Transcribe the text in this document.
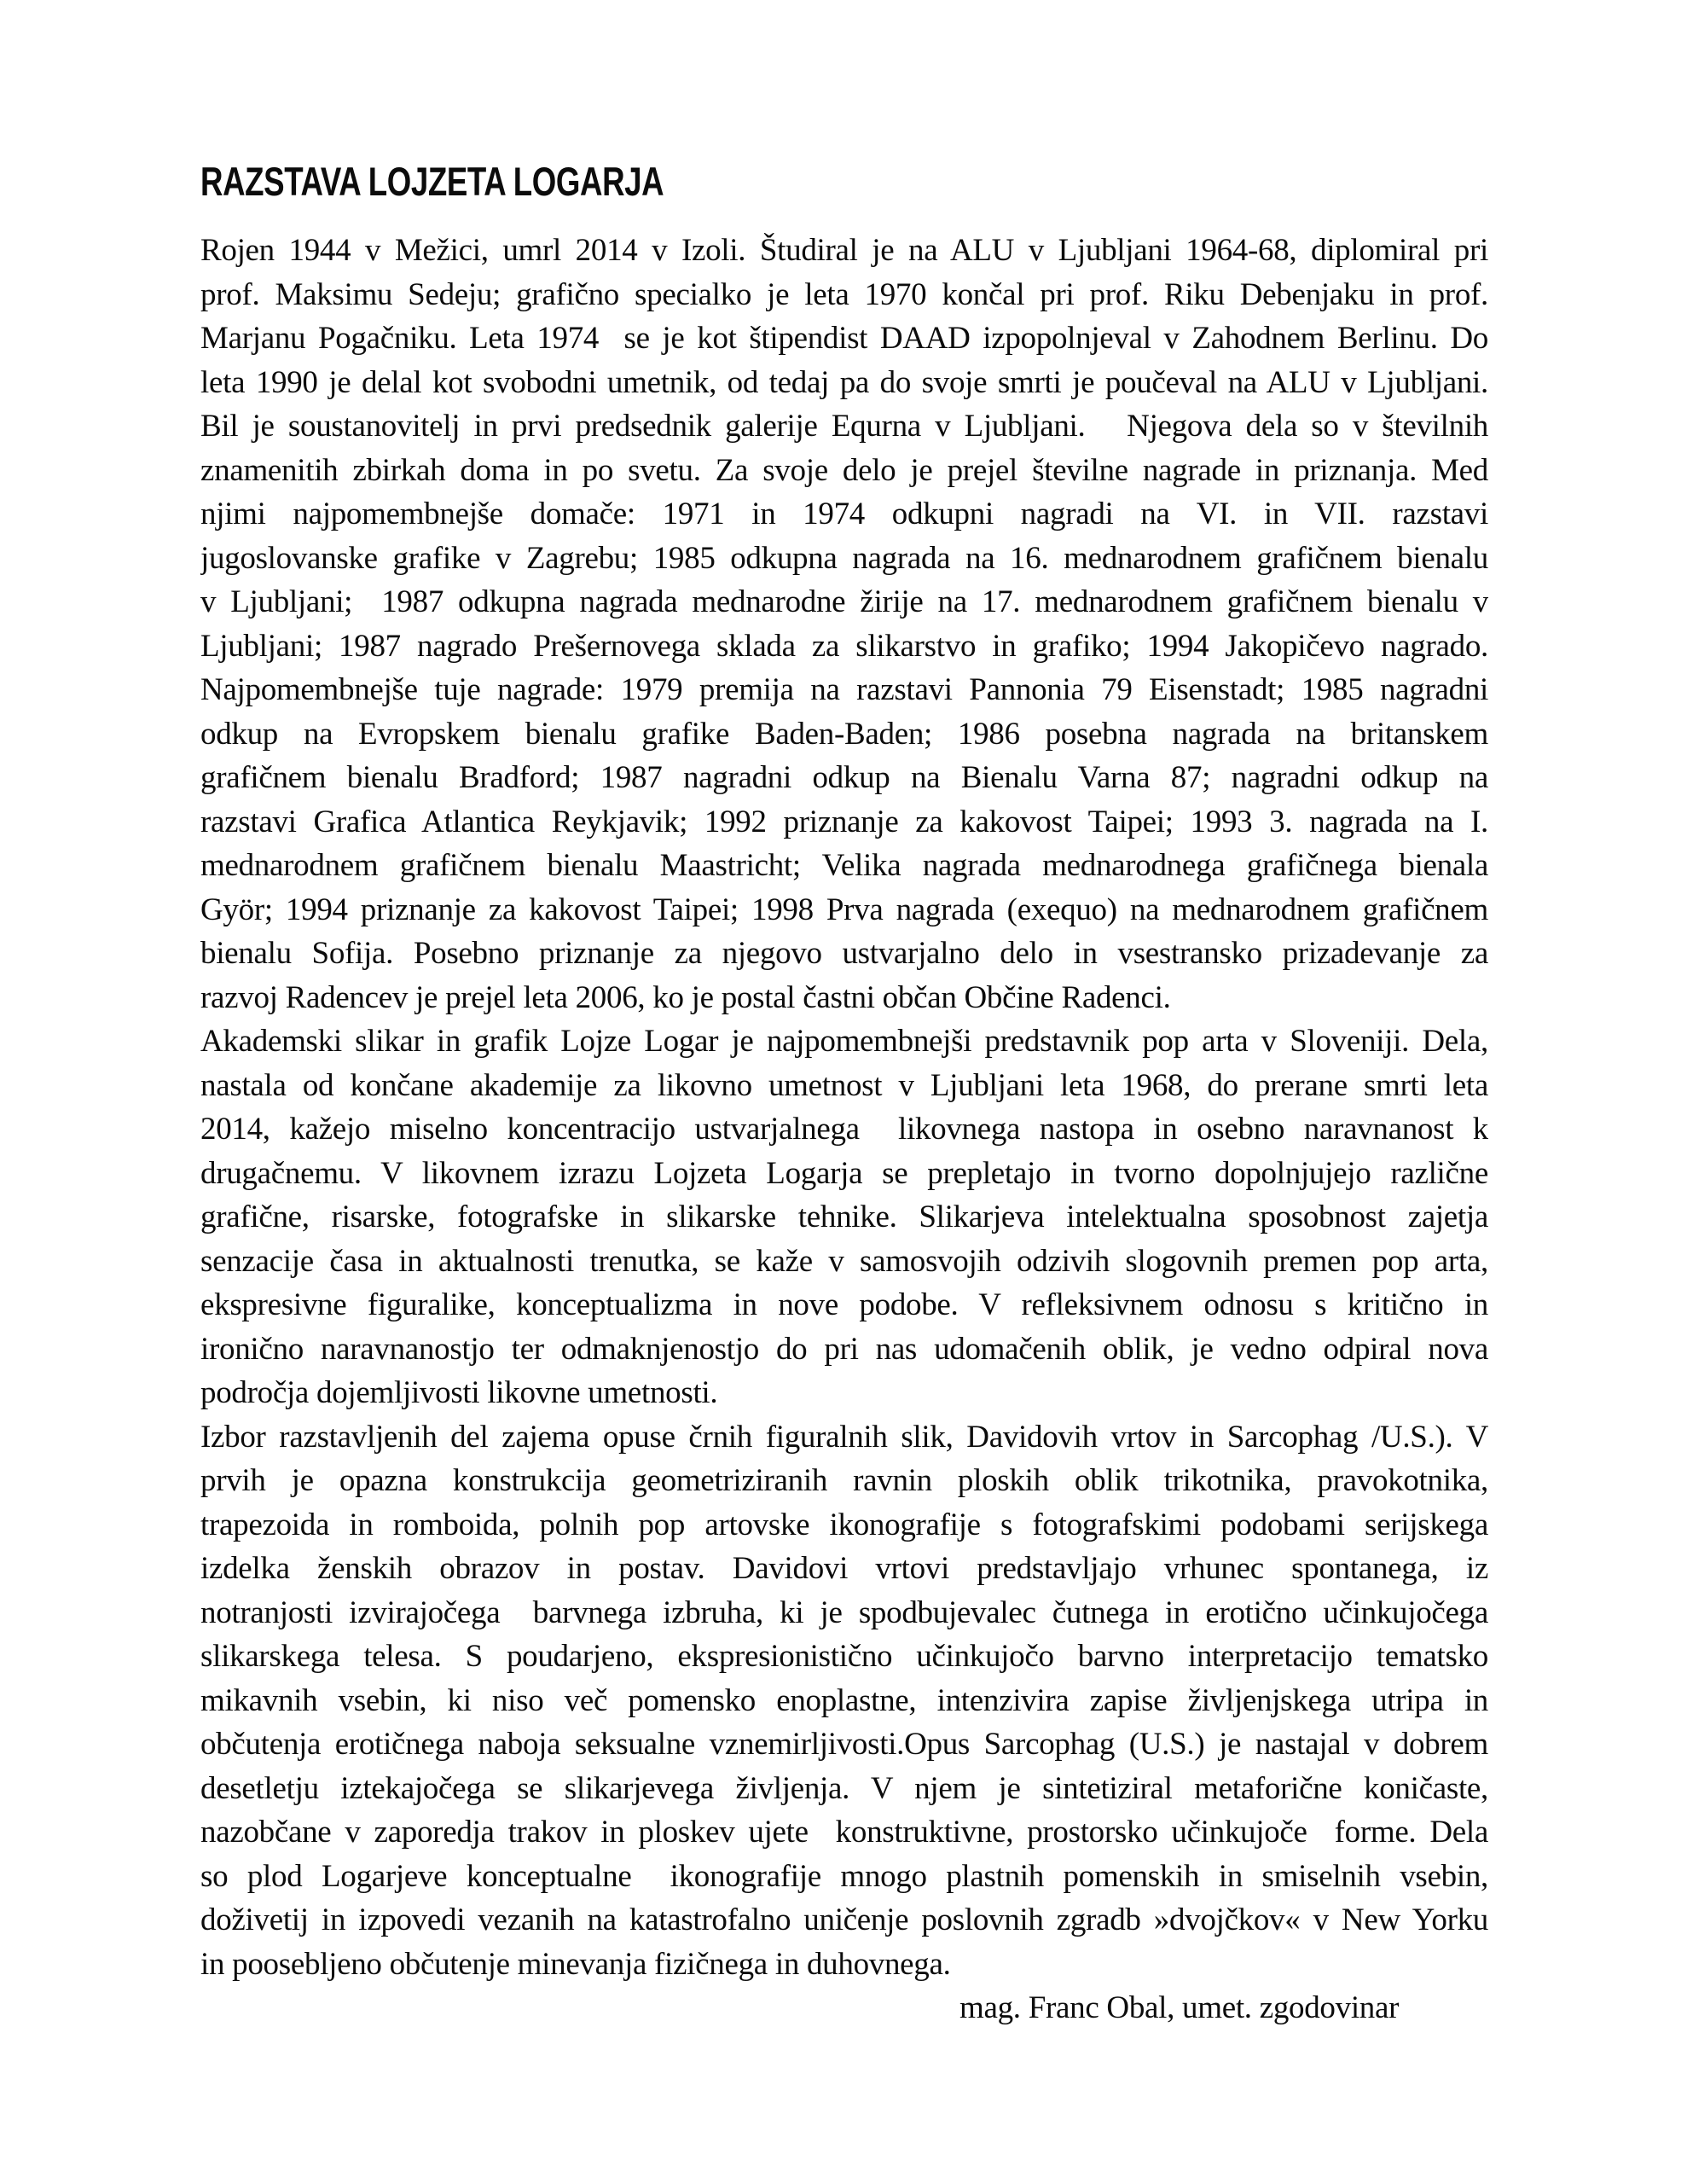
RAZSTAVA LOJZETA LOGARJA
Rojen 1944 v Mežici, umrl 2014 v Izoli. Študiral je na ALU v Ljubljani 1964-68, diplomiral pri
prof. Maksimu Sedeju; grafično specialko je leta 1970 končal pri prof. Riku Debenjaku in prof.
Marjanu Pogačniku. Leta 1974  se je kot štipendist DAAD izpopolnjeval v Zahodnem Berlinu. Do
leta 1990 je delal kot svobodni umetnik, od tedaj pa do svoje smrti je poučeval na ALU v Ljubljani.
Bil je soustanovitelj in prvi predsednik galerije Equrna v Ljubljani.   Njegova dela so v številnih
znamenitih zbirkah doma in po svetu. Za svoje delo je prejel številne nagrade in priznanja. Med
njimi najpomembnejše domače: 1971 in 1974 odkupni nagradi na VI. in VII. razstavi
jugoslovanske grafike v Zagrebu; 1985 odkupna nagrada na 16. mednarodnem grafičnem bienalu
v Ljubljani;  1987 odkupna nagrada mednarodne žirije na 17. mednarodnem grafičnem bienalu v
Ljubljani; 1987 nagrado Prešernovega sklada za slikarstvo in grafiko; 1994 Jakopičevo nagrado.
Najpomembnejše tuje nagrade: 1979 premija na razstavi Pannonia 79 Eisenstadt; 1985 nagradni
odkup na Evropskem bienalu grafike Baden-Baden; 1986 posebna nagrada na britanskem
grafičnem bienalu Bradford; 1987 nagradni odkup na Bienalu Varna 87; nagradni odkup na
razstavi Grafica Atlantica Reykjavik; 1992 priznanje za kakovost Taipei; 1993 3. nagrada na I.
mednarodnem grafičnem bienalu Maastricht; Velika nagrada mednarodnega grafičnega bienala
Györ; 1994 priznanje za kakovost Taipei; 1998 Prva nagrada (exequo) na mednarodnem grafičnem
bienalu Sofija. Posebno priznanje za njegovo ustvarjalno delo in vsestransko prizadevanje za
razvoj Radencev je prejel leta 2006, ko je postal častni občan Občine Radenci.
Akademski slikar in grafik Lojze Logar je najpomembnejši predstavnik pop arta v Sloveniji. Dela,
nastala od končane akademije za likovno umetnost v Ljubljani leta 1968, do prerane smrti leta
2014, kažejo miselno koncentracijo ustvarjalnega  likovnega nastopa in osebno naravnanost k
drugačnemu. V likovnem izrazu Lojzeta Logarja se prepletajo in tvorno dopolnjujejo različne
grafične, risarske, fotografske in slikarske tehnike. Slikarjeva intelektualna sposobnost zajetja
senzacije časa in aktualnosti trenutka, se kaže v samosvojih odzivih slogovnih premen pop arta,
ekspresivne figuralike, konceptualizma in nove podobe. V refleksivnem odnosu s kritično in
ironično naravnanostjo ter odmaknjenostjo do pri nas udomačenih oblik, je vedno odpiral nova
področja dojemljivosti likovne umetnosti.
Izbor razstavljenih del zajema opuse črnih figuralnih slik, Davidovih vrtov in Sarcophag /U.S.). V
prvih je opazna konstrukcija geometriziranih ravnin ploskih oblik trikotnika, pravokotnika,
trapezoida in romboida, polnih pop artovske ikonografije s fotografskimi podobami serijskega
izdelka ženskih obrazov in postav. Davidovi vrtovi predstavljajo vrhunec spontanega, iz
notranjosti izvirajočega  barvnega izbruha, ki je spodbujevalec čutnega in erotično učinkujočega
slikarskega telesa. S poudarjeno, ekspresionistično učinkujočo barvno interpretacijo tematsko
mikavnih vsebin, ki niso več pomensko enoplastne, intenzivira zapise življenjskega utripa in
občutenja erotičnega naboja seksualne vznemirljivosti.Opus Sarcophag (U.S.) je nastajal v dobrem
desetletju iztekajočega se slikarjevega življenja. V njem je sintetiziral metaforične koničaste,
nazobčane v zaporedja trakov in ploskev ujete  konstruktivne, prostorsko učinkujoče  forme. Dela
so plod Logarjeve konceptualne  ikonografije mnogo plastnih pomenskih in smiselnih vsebin,
doživetij in izpovedi vezanih na katastrofalno uničenje poslovnih zgradb »dvojčkov« v New Yorku
in poosebljeno občutenje minevanja fizičnega in duhovnega.

mag. Franc Obal, umet. zgodovinar
